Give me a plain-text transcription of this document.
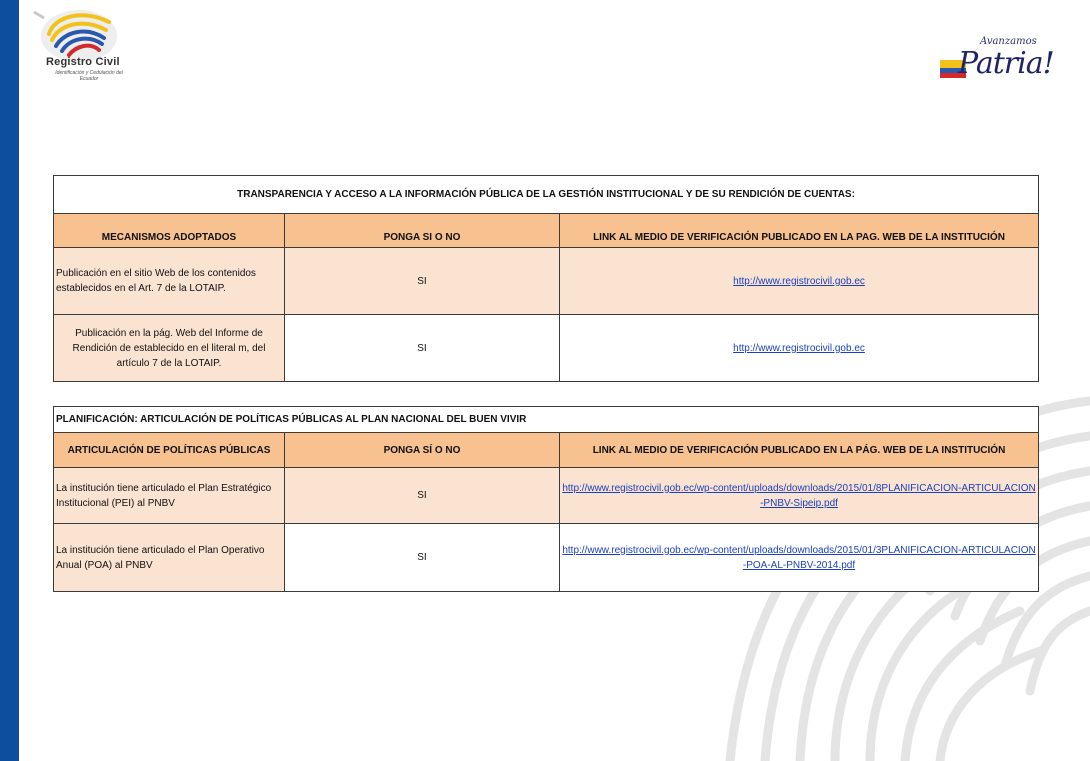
Registro Civil
Identificación y Cedulación del Ecuador
Avanzamos
Patria!
TRANSPARENCIA Y ACCESO A LA INFORMACIÓN PÚBLICA DE LA GESTIÓN INSTITUCIONAL Y DE SU RENDICIÓN DE CUENTAS:		
MECANISMOS ADOPTADOS	PONGA SI O NO	LINK AL MEDIO DE VERIFICACIÓN PUBLICADO EN LA PAG. WEB DE LA INSTITUCIÓN
Publicación en el sitio Web de los contenidos establecidos en el Art. 7 de la LOTAIP.	SI	http://www.registrocivil.gob.ec
Publicación en la pág. Web del Informe de Rendición de establecido en el literal m, del artículo 7 de la LOTAIP.	SI	http://www.registrocivil.gob.ec
PLANIFICACIÓN: ARTICULACIÓN DE POLÍTICAS PÚBLICAS AL PLAN NACIONAL DEL BUEN VIVIR		
ARTICULACIÓN DE POLÍTICAS PÚBLICAS	PONGA SÍ O NO	LINK AL MEDIO DE VERIFICACIÓN PUBLICADO EN LA PÁG. WEB DE LA INSTITUCIÓN
La institución tiene articulado el Plan Estratégico Institucional (PEI) al PNBV	SI	http://www.registrocivil.gob.ec/wp-content/uploads/downloads/2015/01/8PLANIFICACION-ARTICULACION-PNBV-Sipeip.pdf
La institución tiene articulado el Plan Operativo Anual (POA) al PNBV	SI	http://www.registrocivil.gob.ec/wp-content/uploads/downloads/2015/01/3PLANIFICACION-ARTICULACION-POA-AL-PNBV-2014.pdf
